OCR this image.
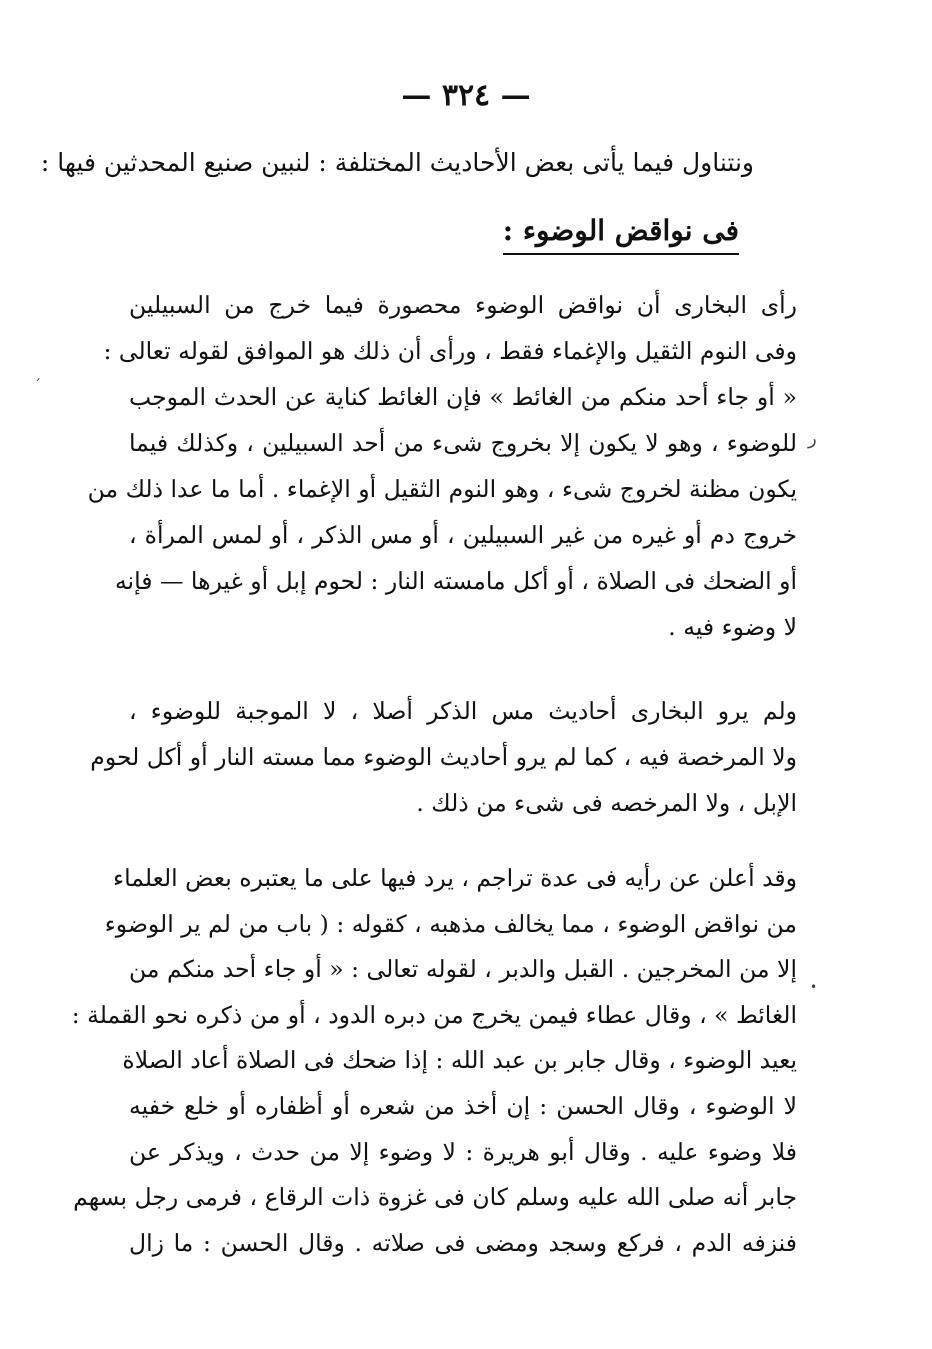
— ٣٢٤ —
ونتناول فيما يأتى بعض الأحاديث المختلفة : لنبين صنيع المحدثين فيها :
فى نواقض الوضوء :
رأى البخارى أن نواقض الوضوء محصورة فيما خرج من السبيلين
وفى النوم الثقيل والإغماء فقط ، ورأى أن ذلك هو الموافق لقوله تعالى :
« أو جاء أحد منكم من الغائط » فإن الغائط كناية عن الحدث الموجب
للوضوء ، وهو لا يكون إلا بخروج شىء من أحد السبيلين ، وكذلك فيما
يكون مظنة لخروج شىء ، وهو النوم الثقيل أو الإغماء . أما ما عدا ذلك من
خروج دم أو غيره من غير السبيلين ، أو مس الذكر ، أو لمس المرأة ،
أو الضحك فى الصلاة ، أو أكل مامسته النار : لحوم إبل أو غيرها — فإنه
لا وضوء فيه .
ولم يرو البخارى أحاديث مس الذكر أصلا ، لا الموجبة للوضوء ،
ولا المرخصة فيه ، كما لم يرو أحاديث الوضوء مما مسته النار أو أكل لحوم
الإبل ، ولا المرخصه فى شىء من ذلك .
وقد أعلن عن رأيه فى عدة تراجم ، يرد فيها على ما يعتبره بعض العلماء
من نواقض الوضوء ، مما يخالف مذهبه ، كقوله : ( باب من لم ير الوضوء
إلا من المخرجين . القبل والدبر ، لقوله تعالى : « أو جاء أحد منكم من
الغائط » ، وقال عطاء فيمن يخرج من دبره الدود ، أو من ذكره نحو القملة :
يعيد الوضوء ، وقال جابر بن عبد الله : إذا ضحك فى الصلاة أعاد الصلاة
لا الوضوء ، وقال الحسن : إن أخذ من شعره أو أظفاره أو خلع خفيه
فلا وضوء عليه . وقال أبو هريرة : لا وضوء إلا من حدث ، ويذكر عن
جابر أنه صلى الله عليه وسلم كان فى غزوة ذات الرقاع ، فرمى رجل بسهم
فنزفه الدم ، فركع وسجد ومضى فى صلاته . وقال الحسن : ما زال
´
ر
•
